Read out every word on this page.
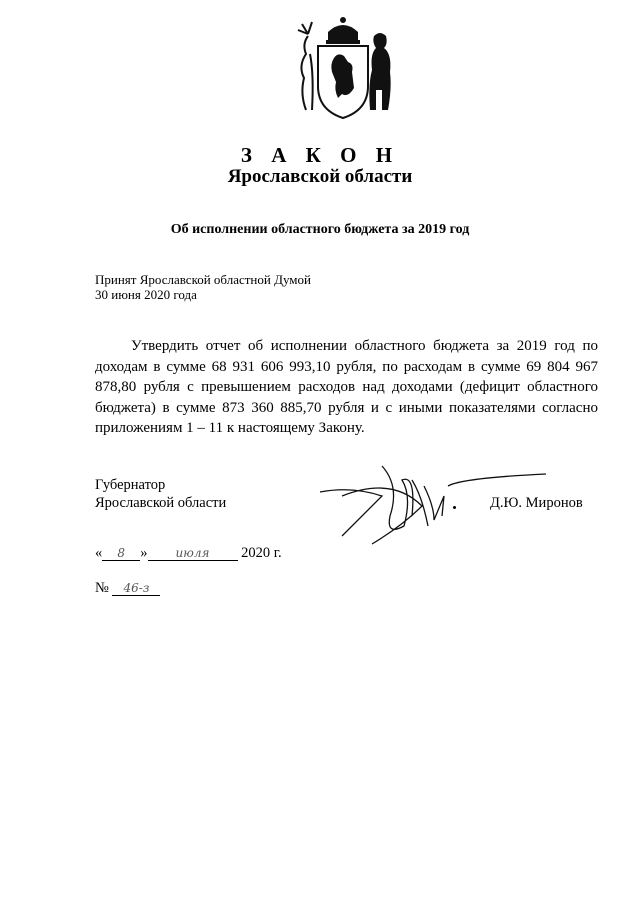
З А К О Н
Ярославской области
Об исполнении областного бюджета за 2019 год
Принят Ярославской областной Думой
30 июня 2020 года
Утвердить отчет об исполнении областного бюджета за 2019 год по доходам в сумме 68 931 606 993,10 рубля, по расходам в сумме 69 804 967 878,80 рубля с превышением расходов над доходами (дефицит областного бюджета) в сумме 873 360 885,70 рубля и с иными показателями согласно приложениям 1 – 11 к настоящему Закону.
Губернатор
Ярославской области	Д.Ю. Миронов
« 8 » июля 2020 г.
№ 46-з
